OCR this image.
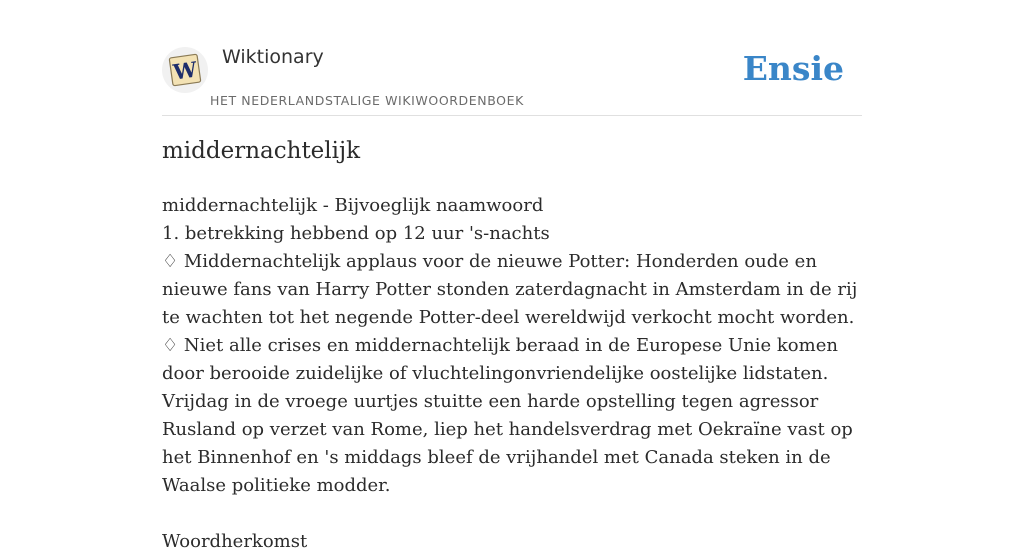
W Wiktionary
HET NEDERLANDSTALIGE WIKIWOORDENBOEK
Ensie
middernachtelijk

middernachtelijk - Bijvoeglijk naamwoord

1. betrekking hebbend op 12 uur 's-nachts

♢ Middernachtelijk applaus voor de nieuwe Potter: Honderden oude en nieuwe fans van Harry Potter stonden zaterdagnacht in Amsterdam in de rij te wachten tot het negende Potter-deel wereldwijd verkocht mocht worden.

♢ Niet alle crises en middernachtelijk beraad in de Europese Unie komen door berooide zuidelijke of vluchtelingonvriendelijke oostelijke lidstaten. Vrijdag in de vroege uurtjes stuitte een harde opstelling tegen agressor Rusland op verzet van Rome, liep het handelsverdrag met Oekraïne vast op het Binnenhof en 's middags bleef de vrijhandel met Canada steken in de Waalse politieke modder.

Woordherkomst
